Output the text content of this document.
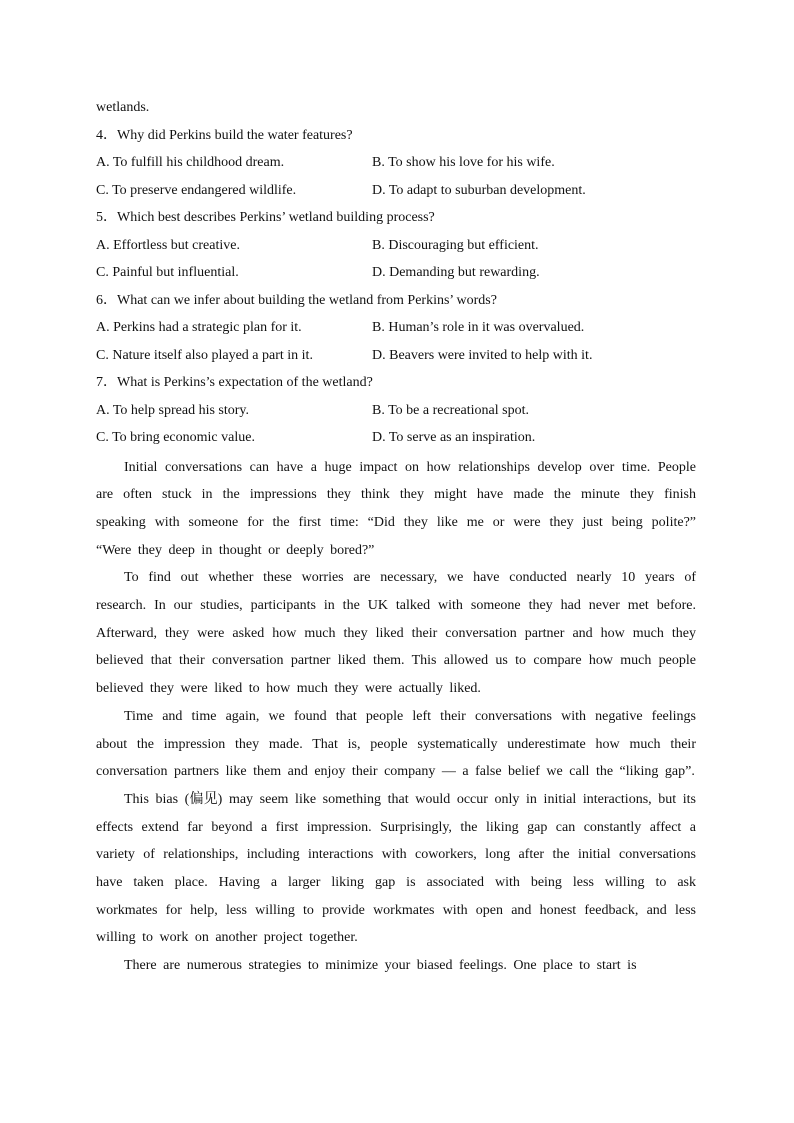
wetlands.
4．Why did Perkins build the water features?
A. To fulfill his childhood dream.	B. To show his love for his wife.
C. To preserve endangered wildlife.	D. To adapt to suburban development.
5．Which best describes Perkins’ wetland building process?
A. Effortless but creative.	B. Discouraging but efficient.
C. Painful but influential.	D. Demanding but rewarding.
6．What can we infer about building the wetland from Perkins’ words?
A. Perkins had a strategic plan for it.	B. Human’s role in it was overvalued.
C. Nature itself also played a part in it.	D. Beavers were invited to help with it.
7．What is Perkins’s expectation of the wetland?
A. To help spread his story.	B. To be a recreational spot.
C. To bring economic value.	D. To serve as an inspiration.

Initial conversations can have a huge impact on how relationships develop over time. People are often stuck in the impressions they think they might have made the minute they finish speaking with someone for the first time: “Did they like me or were they just being polite?” “Were they deep in thought or deeply bored?”

To find out whether these worries are necessary, we have conducted nearly 10 years of research. In our studies, participants in the UK talked with someone they had never met before. Afterward, they were asked how much they liked their conversation partner and how much they believed that their conversation partner liked them. This allowed us to compare how much people believed they were liked to how much they were actually liked.

Time and time again, we found that people left their conversations with negative feelings about the impression they made. That is, people systematically underestimate how much their conversation partners like them and enjoy their company — a false belief we call the “liking gap”.

This bias (偏见) may seem like something that would occur only in initial interactions, but its effects extend far beyond a first impression. Surprisingly, the liking gap can constantly affect a variety of relationships, including interactions with coworkers, long after the initial conversations have taken place. Having a larger liking gap is associated with being less willing to ask workmates for help, less willing to provide workmates with open and honest feedback, and less willing to work on another project together.

There are numerous strategies to minimize your biased feelings. One place to start is
